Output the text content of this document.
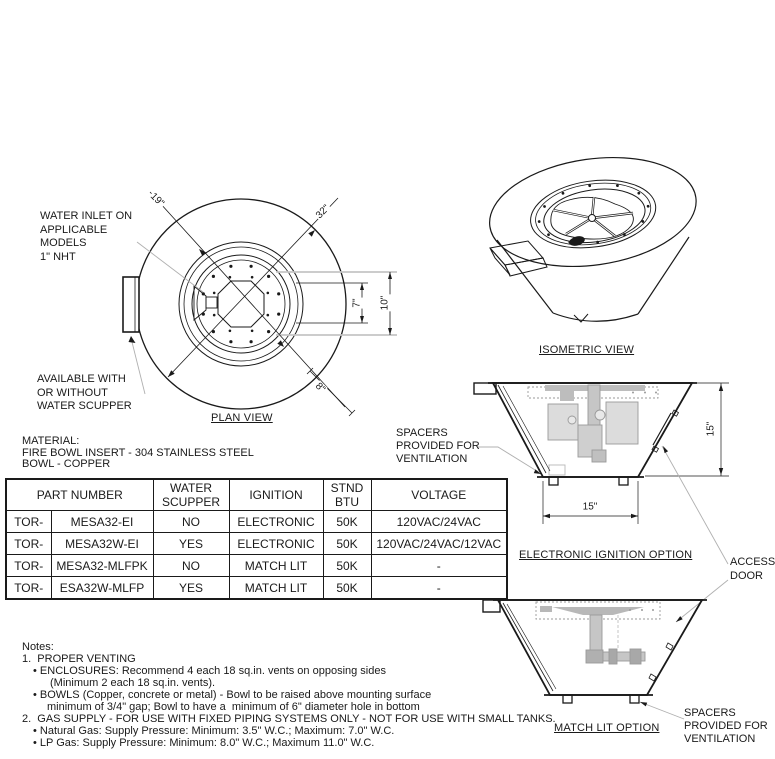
WATER INLET ON
APPLICABLE
MODELS
1" NHT
AVAILABLE WITH
OR WITHOUT
WATER SCUPPER
PLAN VIEW
MATERIAL:
FIRE BOWL INSERT - 304 STAINLESS STEEL
BOWL - COPPER
ISOMETRIC VIEW
SPACERS
PROVIDED FOR
VENTILATION
ELECTRONIC IGNITION OPTION
ACCESS
DOOR
MATCH LIT OPTION
SPACERS
PROVIDED FOR
VENTILATION
19"
32"
7" 10"
8"
15"
15"
PART NUMBER		WATER SCUPPER	IGNITION	STND BTU	VOLTAGE
TOR-	MESA32-EI	NO	ELECTRONIC	50K	120VAC/24VAC
TOR-	MESA32W-EI	YES	ELECTRONIC	50K	120VAC/24VAC/12VAC
TOR-	MESA32-MLFPK	NO	MATCH LIT	50K	-
TOR-	ESA32W-MLFP	YES	MATCH LIT	50K	-
Notes:
1.  PROPER VENTING
• ENCLOSURES: Recommend 4 each 18 sq.in. vents on opposing sides
(Minimum 2 each 18 sq.in. vents).
• BOWLS (Copper, concrete or metal) - Bowl to be raised above mounting surface
minimum of 3/4" gap; Bowl to have a  minimum of 6" diameter hole in bottom
2.  GAS SUPPLY - FOR USE WITH FIXED PIPING SYSTEMS ONLY - NOT FOR USE WITH SMALL TANKS.
• Natural Gas: Supply Pressure: Minimum: 3.5" W.C.; Maximum: 7.0" W.C.
• LP Gas: Supply Pressure: Minimum: 8.0" W.C.; Maximum 11.0" W.C.
